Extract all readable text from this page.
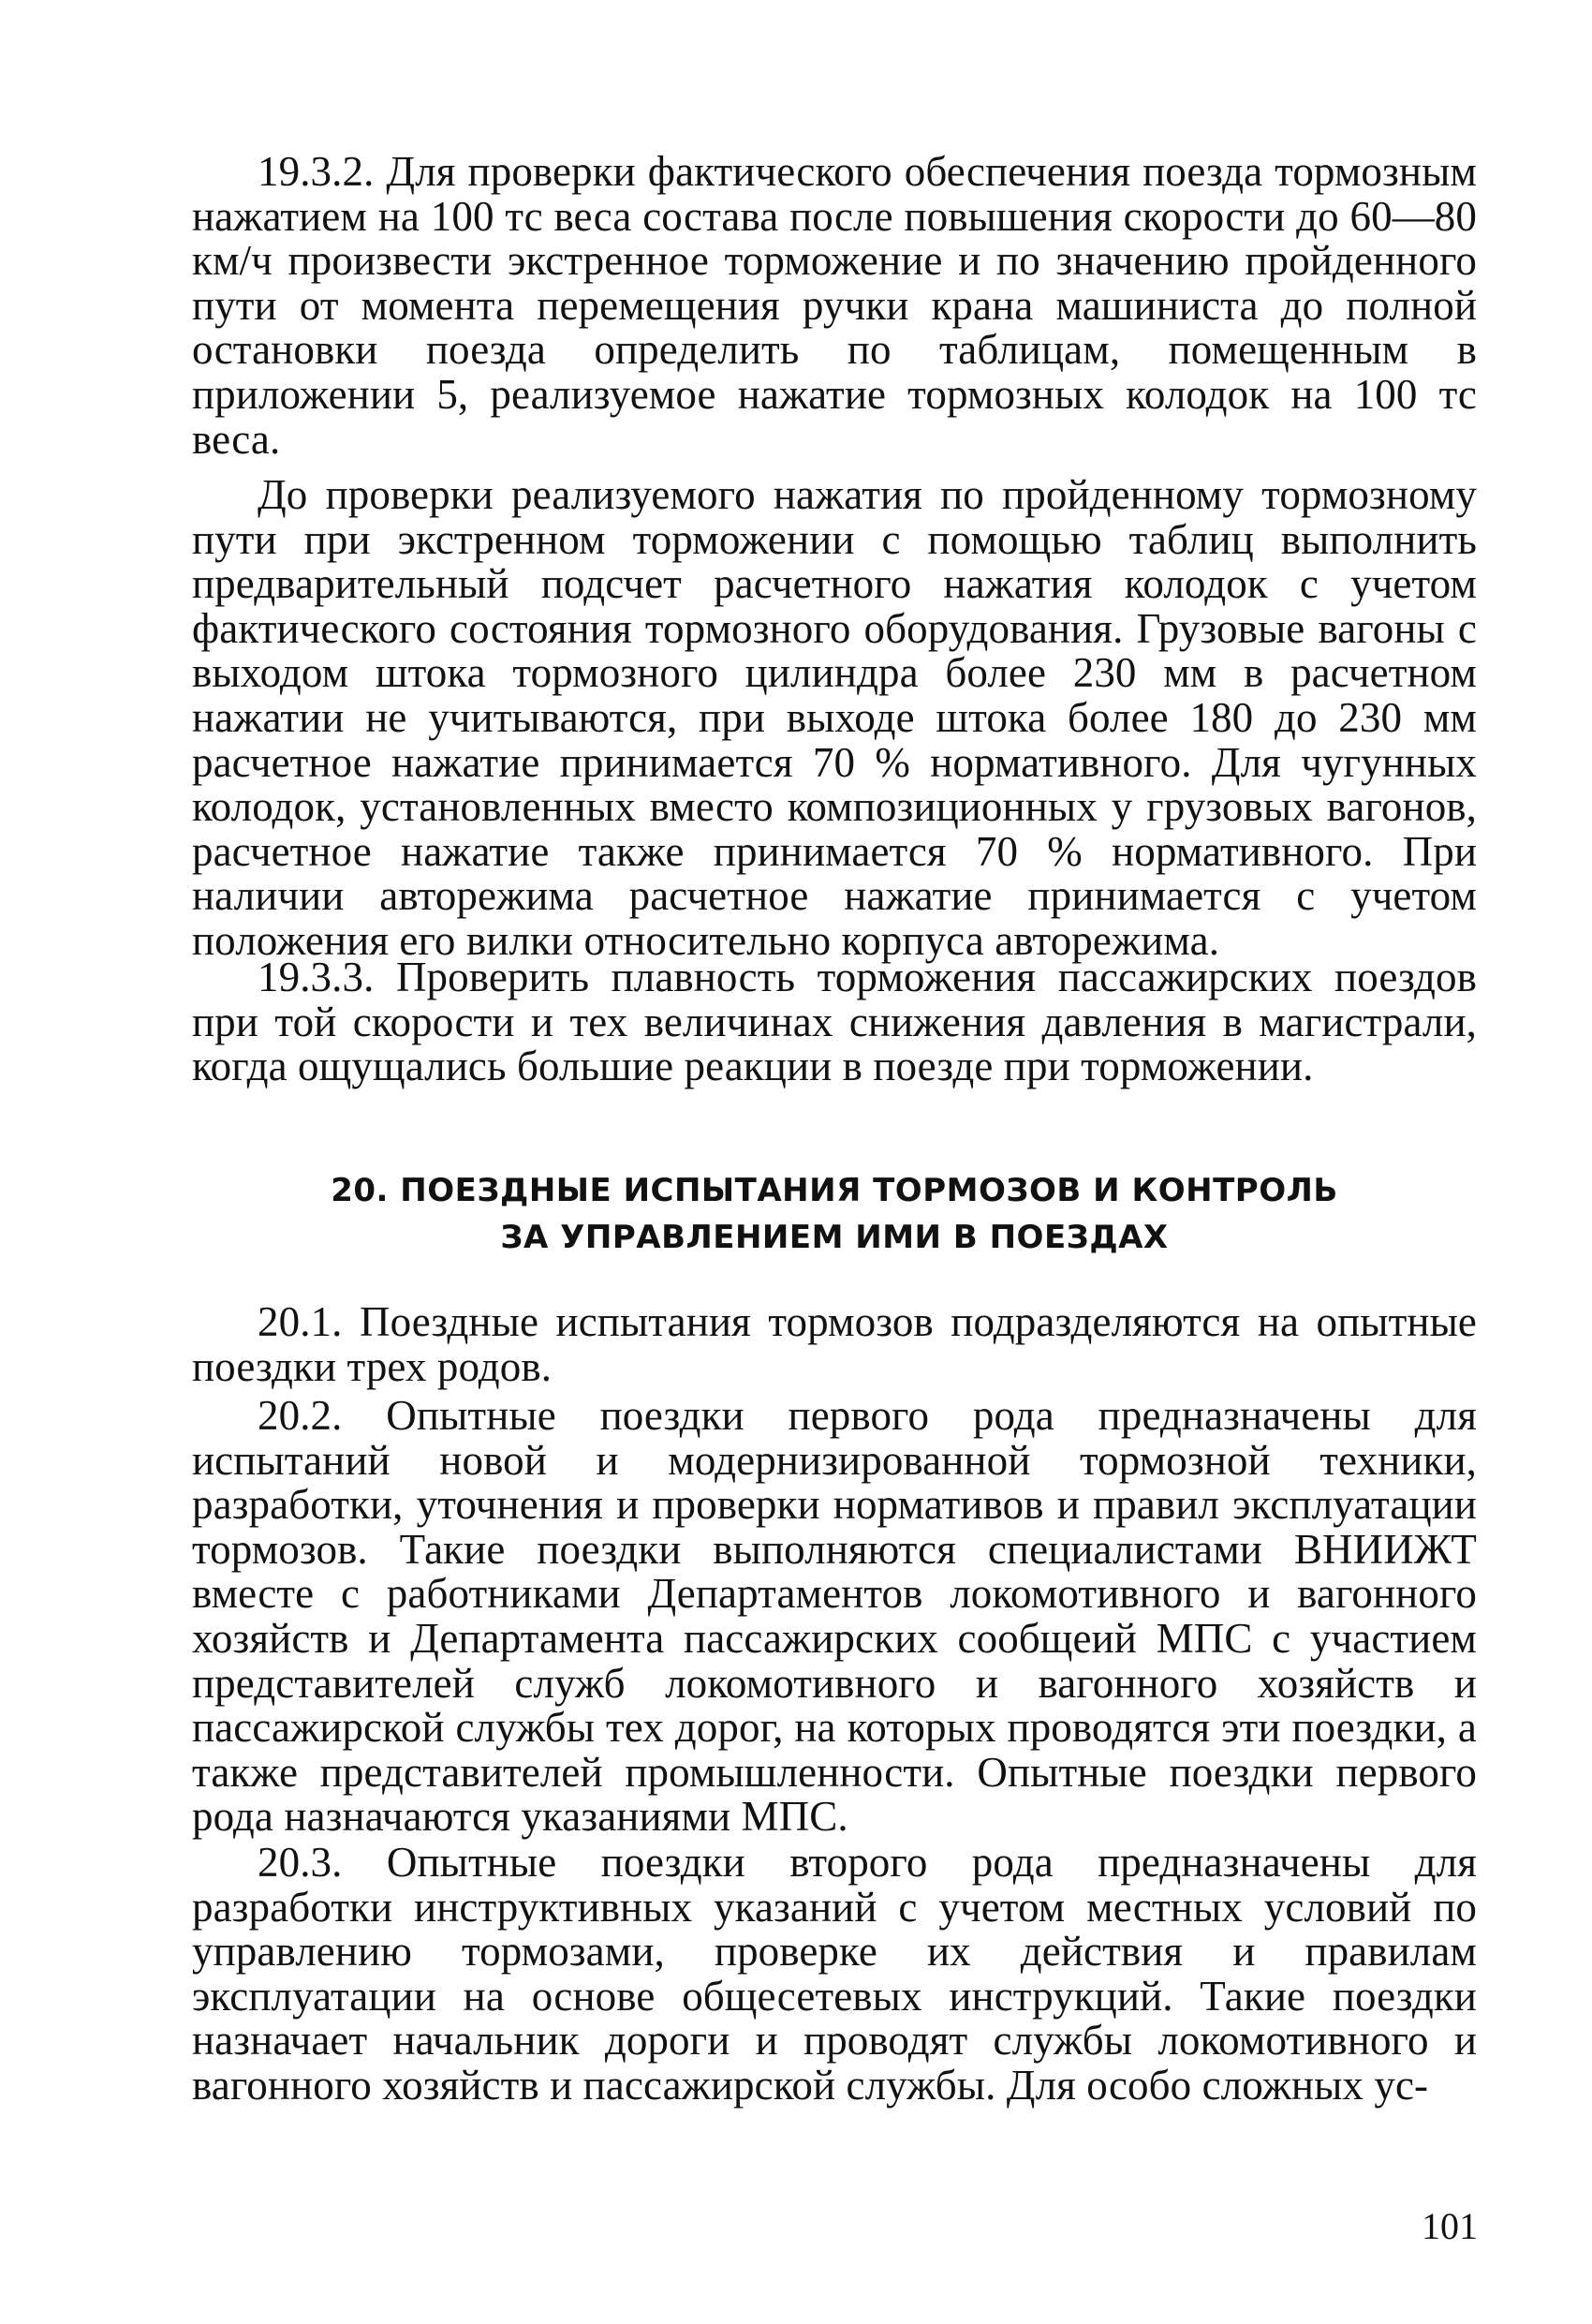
19.3.2. Для проверки фактического обеспечения поезда тормозным нажатием на 100 тс веса состава после повышения скорости до 60—80 км/ч произвести экстренное торможение и по значению пройденного пути от момента перемещения ручки крана машиниста до полной остановки поезда определить по таблицам, помещенным в приложении 5, реализуемое нажатие тормозных колодок на 100 тс веса.

До проверки реализуемого нажатия по пройденному тормозному пути при экстренном торможении с помощью таблиц выполнить предварительный подсчет расчетного нажатия колодок с учетом фактического состояния тормозного оборудования. Грузовые вагоны с выходом штока тормозного цилиндра более 230 мм в расчетном нажатии не учитываются, при выходе штока более 180 до 230 мм расчетное нажатие принимается 70 % нормативного. Для чугунных колодок, установленных вместо композиционных у грузовых вагонов, расчетное нажатие также принимается 70 % нормативного. При наличии авторежима расчетное нажатие принимается с учетом положения его вилки относительно корпуса авторежима.

19.3.3. Проверить плавность торможения пассажирских поездов при той скорости и тех величинах снижения давления в магистрали, когда ощущались большие реакции в поезде при торможении.

20. ПОЕЗДНЫЕ ИСПЫТАНИЯ ТОРМОЗОВ И КОНТРОЛЬ
ЗА УПРАВЛЕНИЕМ ИМИ В ПОЕЗДАХ

20.1. Поездные испытания тормозов подразделяются на опытные поездки трех родов.

20.2. Опытные поездки первого рода предназначены для испытаний новой и модернизированной тормозной техники, разработки, уточнения и проверки нормативов и правил эксплуатации тормозов. Такие поездки выполняются специалистами ВНИИЖТ вместе с работниками Департаментов локомотивного и вагонного хозяйств и Департамента пассажирских сообщеий МПС с участием представителей служб локомотивного и вагонного хозяйств и пассажирской службы тех дорог, на которых проводятся эти поездки, а также представителей промышленности. Опытные поездки первого рода назначаются указаниями МПС.

20.3. Опытные поездки второго рода предназначены для разработки инструктивных указаний с учетом местных условий по управлению тормозами, проверке их действия и правилам эксплуатации на основе общесетевых инструкций. Такие поездки назначает начальник дороги и проводят службы локомотивного и вагонного хозяйств и пассажирской службы. Для особо сложных ус-

101
